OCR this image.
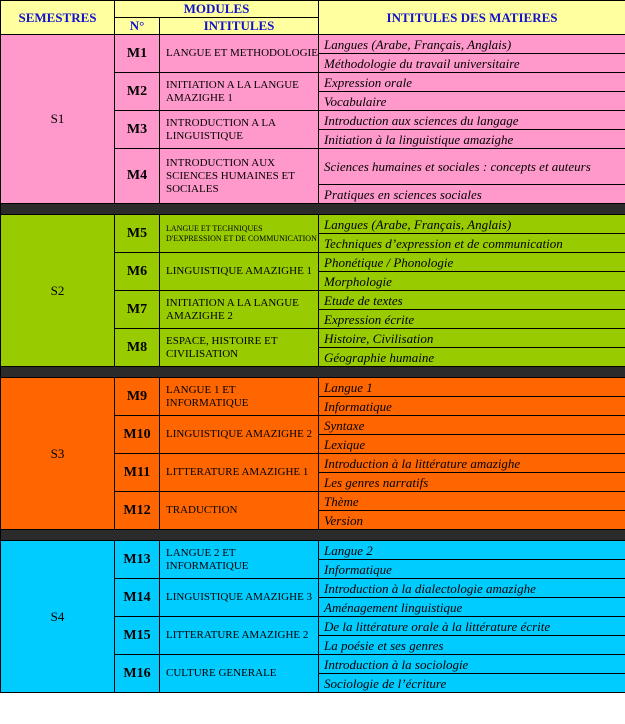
SEMESTRES	MODULES		INTITULES DES MATIERES
	N°	INTITULES	
S1	M1	LANGUE ET METHODOLOGIE	Langues (Arabe, Français, Anglais)
			Méthodologie du travail universitaire
	M2	INITIATION A LA LANGUE AMAZIGHE 1	Expression orale
			Vocabulaire
	M3	INTRODUCTION A LA LINGUISTIQUE	Introduction aux sciences du langage
			Initiation à la linguistique amazighe
	M4	INTRODUCTION AUX SCIENCES HUMAINES ET SOCIALES	Sciences humaines et sociales : concepts et auteurs
			Pratiques en sciences sociales

S2	M5	LANGUE ET TECHNIQUES D'EXPRESSION ET DE COMMUNICATION	Langues (Arabe, Français, Anglais)
			Techniques d’expression et de communication
	M6	LINGUISTIQUE AMAZIGHE 1	Phonétique / Phonologie
			Morphologie
	M7	INITIATION A LA LANGUE AMAZIGHE 2	Etude de textes
			Expression écrite
	M8	ESPACE, HISTOIRE ET CIVILISATION	Histoire, Civilisation
			Géographie humaine

S3	M9	LANGUE 1 ET INFORMATIQUE	Langue 1
			Informatique
	M10	LINGUISTIQUE AMAZIGHE 2	Syntaxe
			Lexique
	M11	LITTERATURE AMAZIGHE 1	Introduction à la littérature amazighe
			Les genres narratifs
	M12	TRADUCTION	Thème
			Version

S4	M13	LANGUE 2 ET INFORMATIQUE	Langue 2
			Informatique
	M14	LINGUISTIQUE AMAZIGHE 3	Introduction à la dialectologie amazighe
			Aménagement linguistique
	M15	LITTERATURE AMAZIGHE 2	De la littérature orale à la littérature écrite
			La poésie et ses genres
	M16	CULTURE GENERALE	Introduction à la sociologie
			Sociologie de l’écriture
